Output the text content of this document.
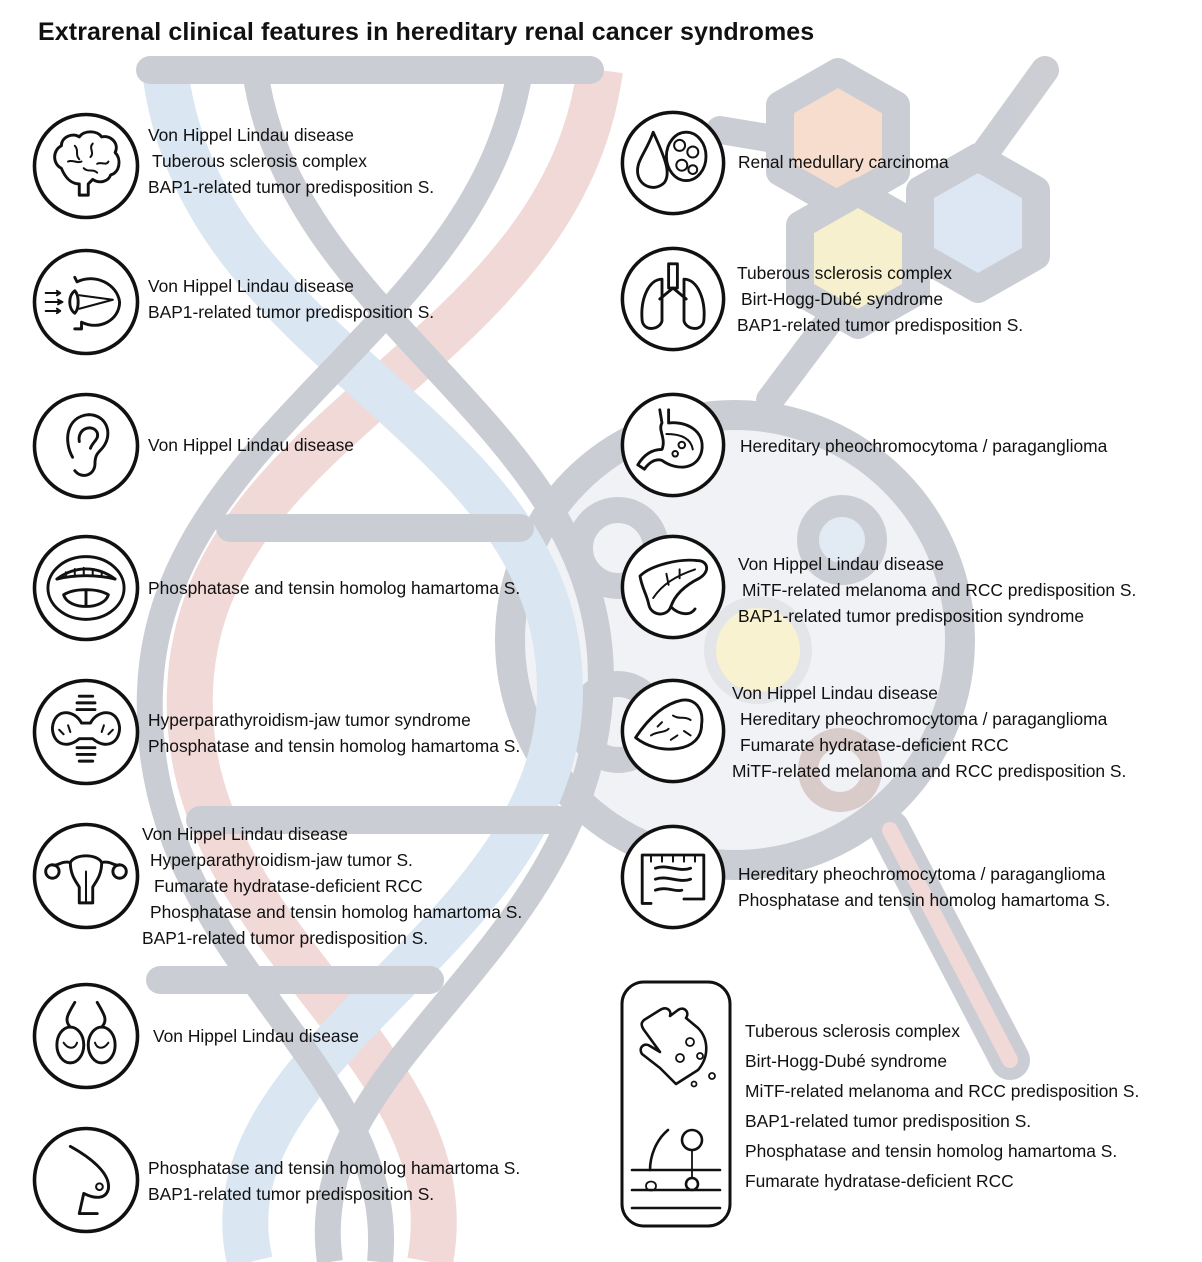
Extrarenal clinical features in hereditary renal cancer syndromes
Von Hippel Lindau disease
Tuberous sclerosis complex
BAP1-related tumor predisposition S.
Von Hippel Lindau disease
BAP1-related tumor predisposition S.
Von Hippel Lindau disease
Phosphatase and tensin homolog hamartoma S.
Hyperparathyroidism-jaw tumor syndrome
Phosphatase and tensin homolog hamartoma S.
Von Hippel Lindau disease
Hyperparathyroidism-jaw tumor S.
Fumarate hydratase-deficient RCC
Phosphatase and tensin homolog hamartoma S.
BAP1-related tumor predisposition S.
Von Hippel Lindau disease
Phosphatase and tensin homolog hamartoma S.
BAP1-related tumor predisposition S.
Renal medullary carcinoma
Tuberous sclerosis complex
Birt-Hogg-Dubé syndrome
BAP1-related tumor predisposition S.
Hereditary pheochromocytoma / paraganglioma
Von Hippel Lindau disease
MiTF-related melanoma and RCC predisposition S.
BAP1-related tumor predisposition syndrome
Von Hippel Lindau disease
Hereditary pheochromocytoma / paraganglioma
Fumarate hydratase-deficient RCC
MiTF-related melanoma and RCC predisposition S.
Hereditary pheochromocytoma / paraganglioma
Phosphatase and tensin homolog hamartoma S.
Tuberous sclerosis complex
Birt-Hogg-Dubé syndrome
MiTF-related melanoma and RCC predisposition S.
BAP1-related tumor predisposition S.
Phosphatase and tensin homolog hamartoma S.
Fumarate hydratase-deficient RCC
